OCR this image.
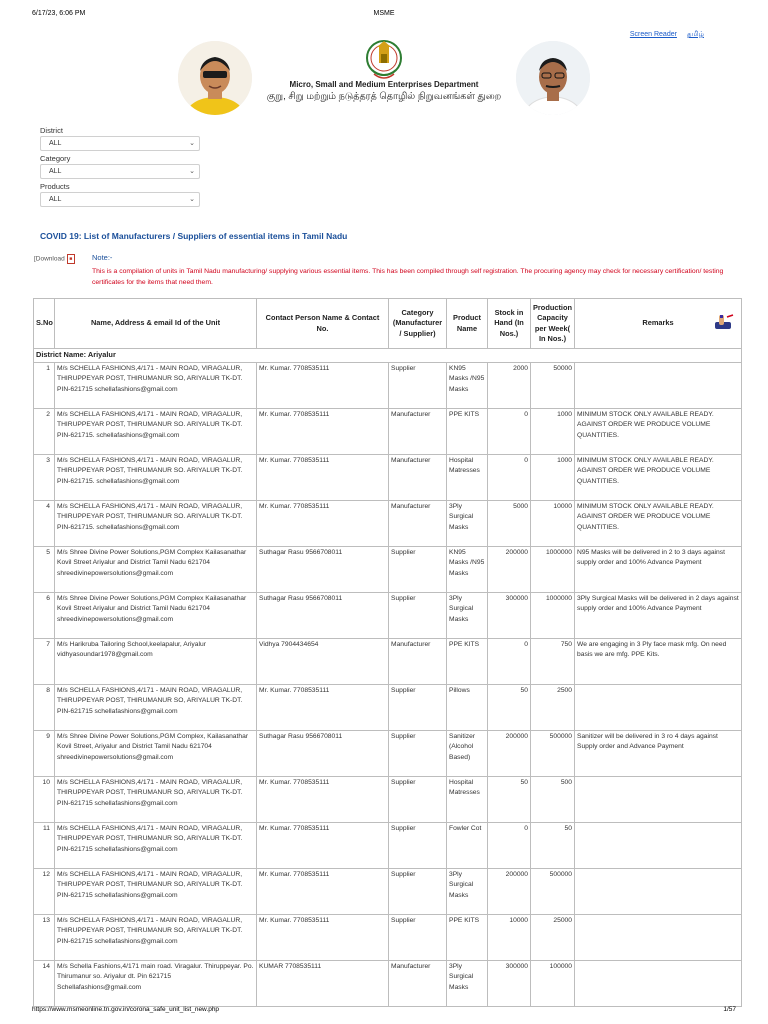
6/17/23, 6:06 PM	MSME
Screen Reader தமிழ்
Micro, Small and Medium Enterprises Department
குறு, சிறு மற்றும் நடுத்தரத் தொழில் நிறுவனங்கள் துறை
District
ALL	⌄
Category
ALL	⌄
Products
ALL	⌄
COVID 19: List of Manufacturers / Suppliers of essential items in Tamil Nadu
[Download ■	Note:-
This is a compilation of units in Tamil Nadu manufacturing/ supplying various essential items. This has been compiled through self registration. The procuring agency may check for necessary certification/ testing certificates for the items that need them.
S.No	Name, Address & email Id of the Unit	Contact Person Name & Contact No.	Category (Manufacturer / Supplier)	Product Name	Stock in Hand (In Nos.)	Production Capacity per Week( In Nos.)	Remarks

District Name: Ariyalur							
1	M/s SCHELLA FASHIONS,4/171 - MAIN ROAD, VIRAGALUR, THIRUPPEYAR POST, THIRUMANUR SO, ARIYALUR TK-DT. PIN-621715 schellafashions@gmail.com	Mr. Kumar. 7708535111	Supplier	KN95 Masks /N95 Masks	2000	50000	
2	M/s SCHELLA FASHIONS,4/171 - MAIN ROAD, VIRAGALUR, THIRUPPEYAR POST, THIRUMANUR SO. ARIYALUR TK-DT. PIN-621715. schellafashions@gmail.com	Mr. Kumar. 7708535111	Manufacturer	PPE KITS	0	1000	MINIMUM STOCK ONLY AVAILABLE READY. AGAINST ORDER WE PRODUCE VOLUME QUANTITIES.
3	M/s SCHELLA FASHIONS,4/171 - MAIN ROAD, VIRAGALUR, THIRUPPEYAR POST, THIRUMANUR SO. ARIYALUR TK-DT. PIN-621715. schellafashions@gmail.com	Mr. Kumar. 7708535111	Manufacturer	Hospital Matresses	0	1000	MINIMUM STOCK ONLY AVAILABLE READY. AGAINST ORDER WE PRODUCE VOLUME QUANTITIES.
4	M/s SCHELLA FASHIONS,4/171 - MAIN ROAD, VIRAGALUR, THIRUPPEYAR POST, THIRUMANUR SO. ARIYALUR TK-DT. PIN-621715. schellafashions@gmail.com	Mr. Kumar. 7708535111	Manufacturer	3Ply Surgical Masks	5000	10000	MINIMUM STOCK ONLY AVAILABLE READY. AGAINST ORDER WE PRODUCE VOLUME QUANTITIES.
5	M/s Shree Divine Power Solutions,PGM Complex Kailasanathar Kovil Street Ariyalur and District Tamil Nadu 621704 shreedivinepowersolutions@gmail.com	Suthagar Rasu 9566708011	Supplier	KN95 Masks /N95 Masks	200000	1000000	N95 Masks will be delivered in 2 to 3 days against supply order and 100% Advance Payment
6	M/s Shree Divine Power Solutions,PGM Complex Kailasanathar Kovil Street Ariyalur and District Tamil Nadu 621704 shreedivinepowersolutions@gmail.com	Suthagar Rasu 9566708011	Supplier	3Ply Surgical Masks	300000	1000000	3Ply Surgical Masks will be delivered in 2 days against supply order and 100% Advance Payment
7	M/s Harikruba Tailoring School,keelapalur, Ariyalur vidhyasoundar1978@gmail.com	Vidhya 7904434654	Manufacturer	PPE KITS	0	750	We are engaging in 3 Ply face mask mfg. On need basis we are mfg. PPE Kits.
8	M/s SCHELLA FASHIONS,4/171 - MAIN ROAD, VIRAGALUR, THIRUPPEYAR POST, THIRUMANUR SO, ARIYALUR TK-DT. PIN-621715 schellafashions@gmail.com	Mr. Kumar. 7708535111	Supplier	Pillows	50	2500	
9	M/s Shree Divine Power Solutions,PGM Complex, Kailasanathar Kovil Street, Ariyalur and District Tamil Nadu 621704 shreedivinepowersolutions@gmail.com	Suthagar Rasu 9566708011	Supplier	Sanitizer (Alcohol Based)	200000	500000	Sanitizer will be delivered in 3 ro 4 days against Supply order and Advance Payment
10	M/s SCHELLA FASHIONS,4/171 - MAIN ROAD, VIRAGALUR, THIRUPPEYAR POST, THIRUMANUR SO, ARIYALUR TK-DT. PIN-621715 schellafashions@gmail.com	Mr. Kumar. 7708535111	Supplier	Hospital Matresses	50	500	
11	M/s SCHELLA FASHIONS,4/171 - MAIN ROAD, VIRAGALUR, THIRUPPEYAR POST, THIRUMANUR SO, ARIYALUR TK-DT. PIN-621715 schellafashions@gmail.com	Mr. Kumar. 7708535111	Supplier	Fowler Cot	0	50	
12	M/s SCHELLA FASHIONS,4/171 - MAIN ROAD, VIRAGALUR, THIRUPPEYAR POST, THIRUMANUR SO, ARIYALUR TK-DT. PIN-621715 schellafashions@gmail.com	Mr. Kumar. 7708535111	Supplier	3Ply Surgical Masks	200000	500000	
13	M/s SCHELLA FASHIONS,4/171 - MAIN ROAD, VIRAGALUR, THIRUPPEYAR POST, THIRUMANUR SO, ARIYALUR TK-DT. PIN-621715 schellafashions@gmail.com	Mr. Kumar. 7708535111	Supplier	PPE KITS	10000	25000	
14	M/s Schella Fashions,4/171 main road. Viragalur. Thiruppeyar. Po. Thirumanur so. Ariyalur dt. Pin 621715 Schellafashions@gmail.com	KUMAR 7708535111	Manufacturer	3Ply Surgical Masks	300000	100000	
https://www.msmeonline.tn.gov.in/corona_safe_unit_list_new.php	1/57
